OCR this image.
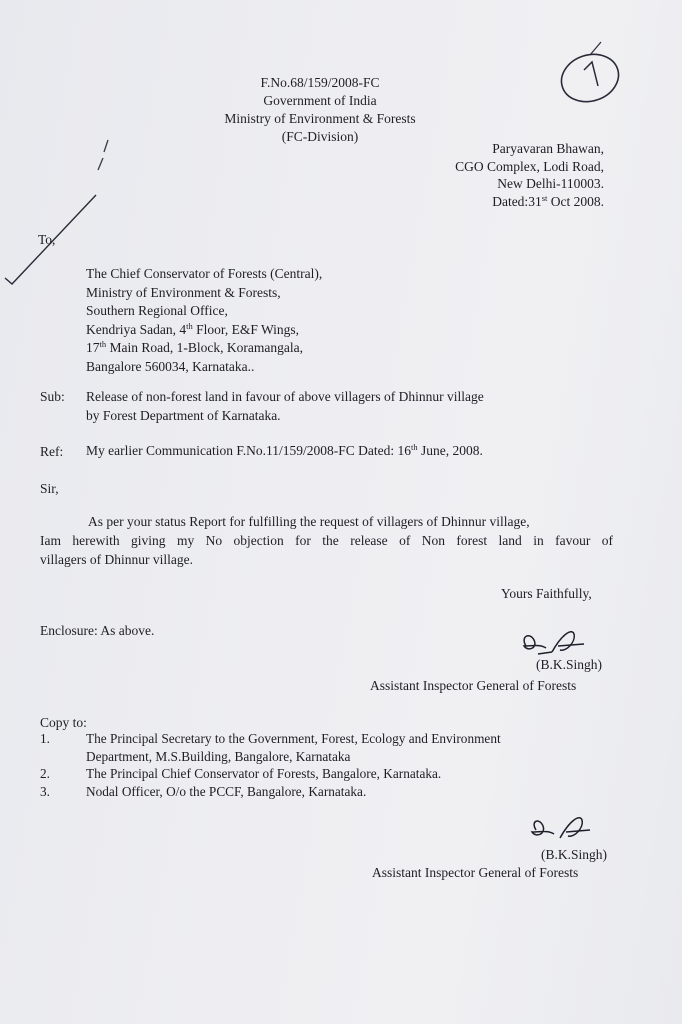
F.No.68/159/2008-FC
Government of India
Ministry of Environment & Forests
(FC-Division)
Paryavaran Bhawan,
CGO Complex, Lodi Road,
New Delhi-110003.
Dated:31st Oct 2008.
To,
The Chief Conservator of Forests (Central),
Ministry of Environment & Forests,
Southern Regional Office,
Kendriya Sadan, 4th Floor, E&F Wings,
17th Main Road, 1-Block, Koramangala,
Bangalore 560034, Karnataka..
Sub: Release of non-forest land in favour of above villagers of Dhinnur village
by Forest Department of Karnataka.
Ref: My earlier Communication F.No.11/159/2008-FC Dated: 16th June, 2008.
Sir,
As per your status Report for fulfilling the request of villagers of Dhinnur village,
Iam herewith giving my No objection for the release of Non forest land in favour of
villagers of Dhinnur village.
Yours Faithfully,
Enclosure: As above.
(B.K.Singh)
Assistant Inspector General of Forests
Copy to:
1.	The Principal Secretary to the Government, Forest, Ecology and Environment
Department, M.S.Building, Bangalore, Karnataka
2.	The Principal Chief Conservator of Forests, Bangalore, Karnataka.
3.	Nodal Officer, O/o the PCCF, Bangalore, Karnataka.
(B.K.Singh)
Assistant Inspector General of Forests
